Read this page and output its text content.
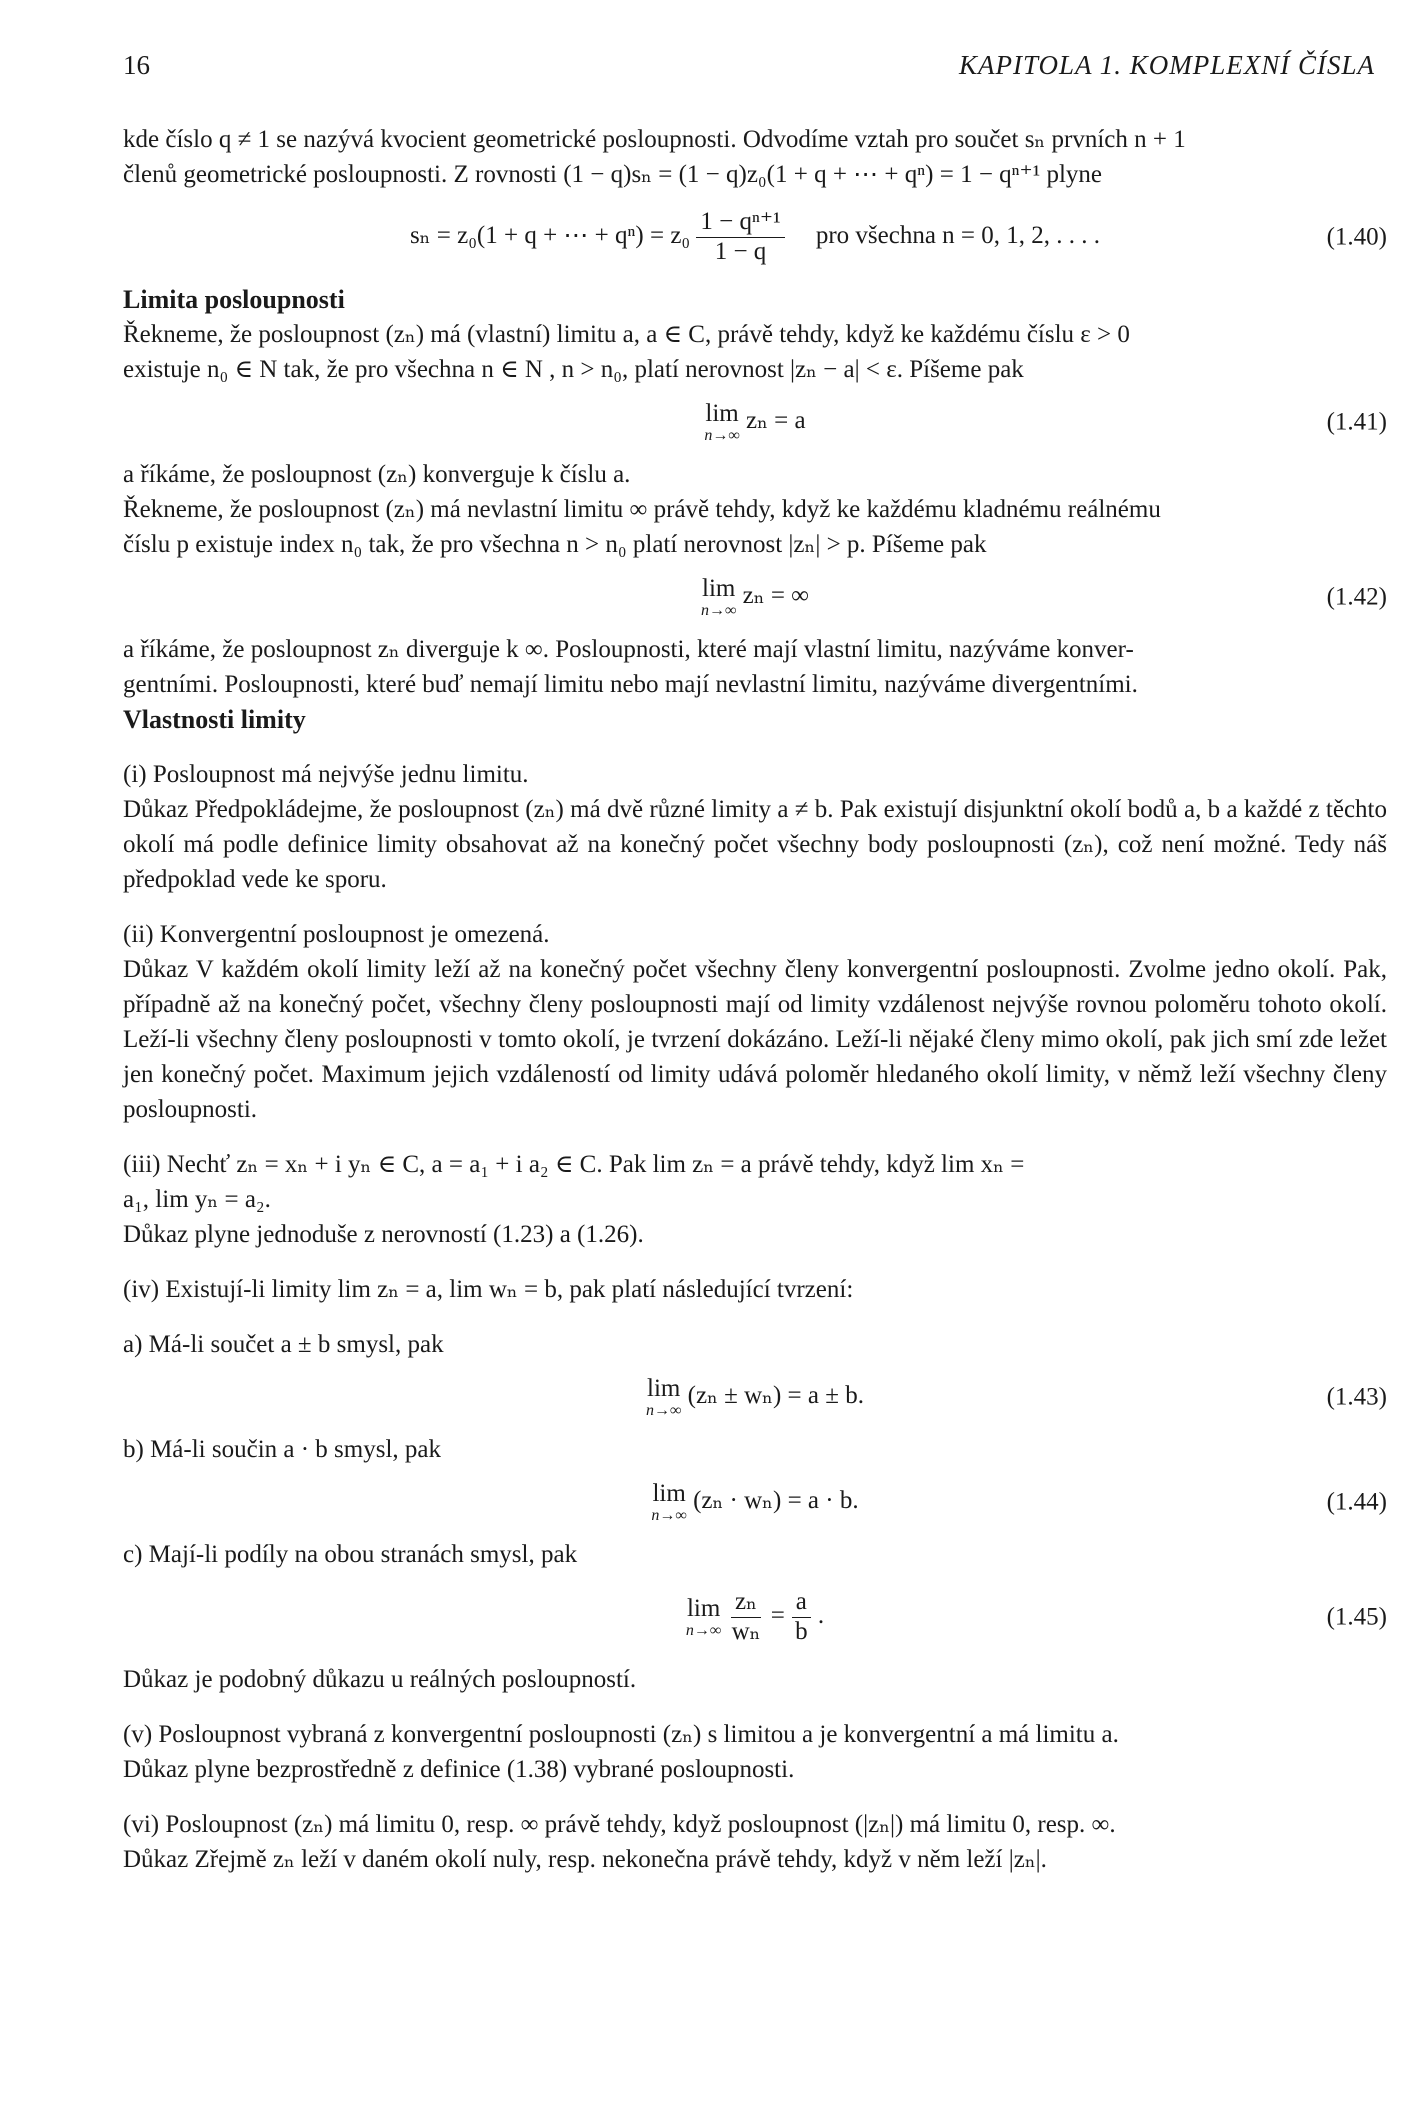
16	KAPITOLA 1. KOMPLEXNÍ ČÍSLA

kde číslo q ≠ 1 se nazývá kvocient geometrické posloupnosti. Odvodíme vztah pro součet sₙ prvních n + 1

členů geometrické posloupnosti. Z rovnosti (1 − q)sₙ = (1 − q)z₀(1 + q + ⋯ + qⁿ) = 1 − qⁿ⁺¹ plyne

sₙ = z₀(1 + q + ⋯ + $q^n) = z_0 \frac{\text{1 − qⁿ⁺¹}}{1 - q}$ pro všechna n = 0, 1, 2, . . . .	(1.40)

Limita posloupnosti

Řekneme, že posloupnost (zₙ) má (vlastní) limitu a, a ∈ C, právě tehdy, když ke každému číslu ε > 0

existuje n₀ ∈ N tak, že pro všechna n ∈ N , n > n₀, platí nerovnost |zₙ − a| < ε. Píšeme pak

lim
n→∞
zₙ = a	(1.41)

a říkáme, že posloupnost (zₙ) konverguje k číslu a.

Řekneme, že posloupnost (zₙ) má nevlastní limitu ∞ právě tehdy, když ke každému kladnému reálnému

číslu p existuje index n₀ tak, že pro všechna n > n₀ platí nerovnost |zₙ| > p. Píšeme pak

lim
n→∞
zₙ = ∞	(1.42)

a říkáme, že posloupnost zₙ diverguje k ∞. Posloupnosti, které mají vlastní limitu, nazýváme konver-

gentními. Posloupnosti, které buď nemají limitu nebo mají nevlastní limitu, nazýváme divergentními.

Vlastnosti limity

(i) Posloupnost má nejvýše jednu limitu.

Důkaz Předpokládejme, že posloupnost (zₙ) má dvě různé limity a ≠ b. Pak existují disjunktní okolí bodů a, b a každé z těchto okolí má podle definice limity obsahovat až na konečný počet všechny body posloupnosti (zₙ), což není možné. Tedy náš předpoklad vede ke sporu.

(ii) Konvergentní posloupnost je omezená.

Důkaz V každém okolí limity leží až na konečný počet všechny členy konvergentní posloupnosti. Zvolme jedno okolí. Pak, případně až na konečný počet, všechny členy posloupnosti mají od limity vzdálenost nejvýše rovnou poloměru tohoto okolí. Leží-li všechny členy posloupnosti v tomto okolí, je tvrzení dokázáno. Leží-li nějaké členy mimo okolí, pak jich smí zde ležet jen konečný počet. Maximum jejich vzdáleností od limity udává poloměr hledaného okolí limity, v němž leží všechny členy posloupnosti.

(iii) Nechť zₙ = xₙ + i yₙ ∈ C, a = a₁ + i a₂ ∈ C. Pak lim zₙ = a právě tehdy, když lim xₙ =

a₁, lim yₙ = a₂.

Důkaz plyne jednoduše z nerovností (1.23) a (1.26).

(iv) Existují-li limity lim zₙ = a, lim wₙ = b, pak platí následující tvrzení:

a) Má-li součet a ± b smysl, pak

lim
n→∞
(zₙ ± wₙ) = a ± b.	(1.43)

b) Má-li součin a · b smysl, pak

lim
n→∞
(zₙ · wₙ) = a · b.	(1.44)

c) Mají-li podíly na obou stranách smysl, pak

lim
n→∞
$\frac{\text{zₙ}}{\text{wₙ}} = \frac{a}{b}$ .	(1.45)

Důkaz je podobný důkazu u reálných posloupností.

(v) Posloupnost vybraná z konvergentní posloupnosti (zₙ) s limitou a je konvergentní a má limitu a.

Důkaz plyne bezprostředně z definice (1.38) vybrané posloupnosti.

(vi) Posloupnost (zₙ) má limitu 0, resp. ∞ právě tehdy, když posloupnost (|zₙ|) má limitu 0, resp. ∞.

Důkaz Zřejmě zₙ leží v daném okolí nuly, resp. nekonečna právě tehdy, když v něm leží |zₙ|.
